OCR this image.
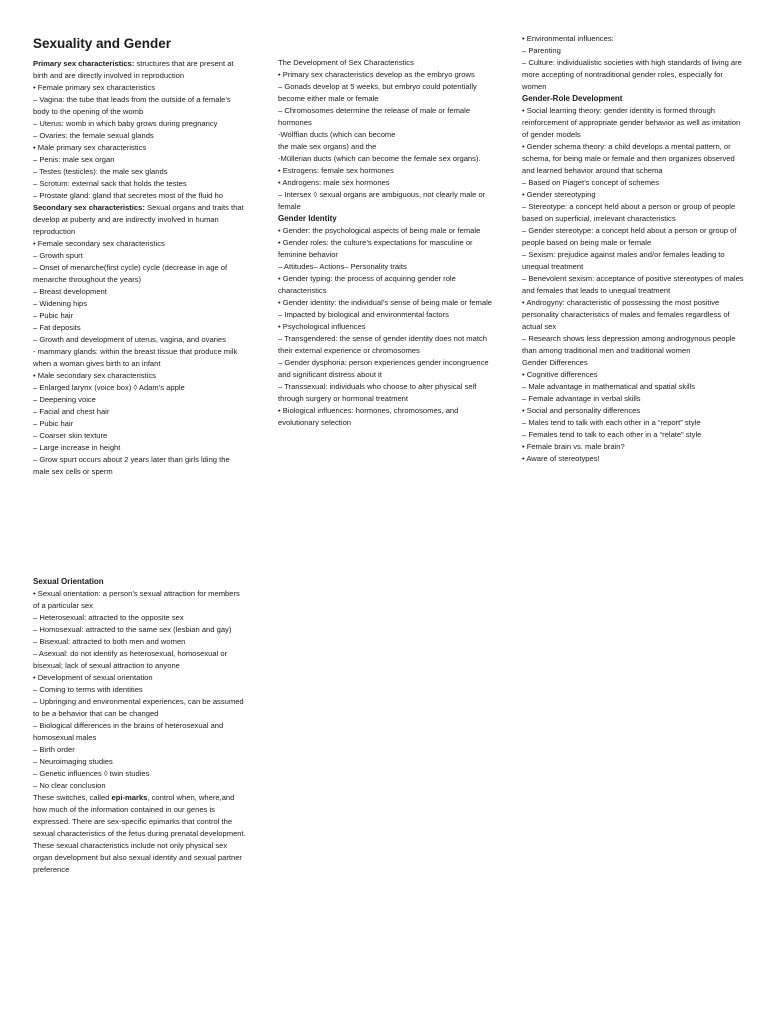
Sexuality and Gender

Primary sex characteristics: structures that are present at birth and are directly involved in reproduction

• Female primary sex characteristics

– Vagina: the tube that leads from the outside of a female’s body to the opening of the womb

– Uterus: womb in which baby grows during pregnancy

– Ovaries: the female sexual glands

• Male primary sex characteristics

– Penis: male sex organ

– Testes (testicles): the male sex glands

– Scrotum: external sack that holds the testes

– Prostate gland: gland that secretes most of the fluid ho

Secondary sex characteristics: Sexual organs and traits that develop at puberty and are indirectly involved in human reproduction

• Female secondary sex characteristics

– Growth spurt

– Onset of menarche(first cycle) cycle (decrease in age of menarche throughout the years)

– Breast development

– Widening hips

– Pubic hair

– Fat deposits

– Growth and development of uterus, vagina, and ovaries

- mammary glands: within the breast tissue that produce milk when a woman gives birth to an infant

• Male secondary sex characteristics

– Enlarged larynx (voice box) ◊ Adam’s apple

– Deepening voice

– Facial and chest hair

– Pubic hair

– Coarser skin texture

– Large increase in height

– Grow spurt occurs about 2 years later than girls lding the male sex cells or sperm

The Development of Sex Characteristics

• Primary sex characteristics develop as the embryo grows

– Gonads develop at 5 weeks, but embryo could potentially become either male or female

– Chromosomes determine the release of male or female hormones

-Wolffian ducts (which can become

the male sex organs) and the

-Müllerian ducts (which can become the female sex organs).

• Estrogens: female sex hormones

• Androgens: male sex hormones

– Intersex ◊ sexual organs are ambiguous, not clearly male or female

Gender Identity

• Gender: the psychological aspects of being male or female

• Gender roles: the culture’s expectations for masculine or feminine behavior

– Attitudes– Actions– Personality traits

• Gender typing: the process of acquiring gender role characteristics

• Gender identity: the individual’s sense of being male or female

– Impacted by biological and environmental factors

• Psychological influences

– Transgendered: the sense of gender identity does not match their external experience or chromosomes

– Gender dysphoria: person experiences gender incongruence and significant distress about it

– Transsexual: individuals who choose to alter physical self through surgery or hormonal treatment

• Biological influences: hormones, chromosomes, and evolutionary selection

• Environmental influences:

– Parenting

– Culture: individualistic societies with high standards of living are more accepting of nontraditional gender roles, especially for women

Gender-Role Development

• Social learning theory: gender identity is formed through reinforcement of appropriate gender behavior as well as imitation of gender models

• Gender schema theory: a child develops a mental pattern, or schema, for being male or female and then organizes observed and learned behavior around that schema

– Based on Piaget’s concept of schemes

• Gender stereotyping

– Stereotype: a concept held about a person or group of people based on superficial, irrelevant characteristics

– Gender stereotype: a concept held about a person or group of people based on being male or female

– Sexism: prejudice against males and/or females leading to unequal treatment

– Benevolent sexism: acceptance of positive stereotypes of males and females that leads to unequal treatment

• Androgyny: characteristic of possessing the most positive personality characteristics of males and females regardless of actual sex

– Research shows less depression among androgynous people than among traditional men and traditional women

Gender Differences

• Cognitive differences

– Male advantage in mathematical and spatial skills

– Female advantage in verbal skills

• Social and personality differences

– Males tend to talk with each other in a “report” style

– Females tend to talk to each other in a “relate” style

• Female brain vs. male brain?

• Aware of stereotypes!

Sexual Orientation

• Sexual orientation: a person’s sexual attraction for members of a particular sex

– Heterosexual: attracted to the opposite sex

– Homosexual: attracted to the same sex (lesbian and gay)

– Bisexual: attracted to both men and women

– Asexual: do not identify as heterosexual, homosexual or bisexual; lack of sexual attraction to anyone

• Development of sexual orientation

– Coming to terms with identities

– Upbringing and environmental experiences, can be assumed to be a behavior that can be changed

– Biological differences in the brains of heterosexual and homosexual males

– Birth order

– Neuroimaging studies

– Genetic influences ◊ twin studies

– No clear conclusion

These switches, called epi-marks, control when, where,and how much of the information contained in our genes is expressed. There are sex-specific epimarks that control the sexual characteristics of the fetus during prenatal development. These sexual characteristics include not only physical sex organ development but also sexual identity and sexual partner preference
